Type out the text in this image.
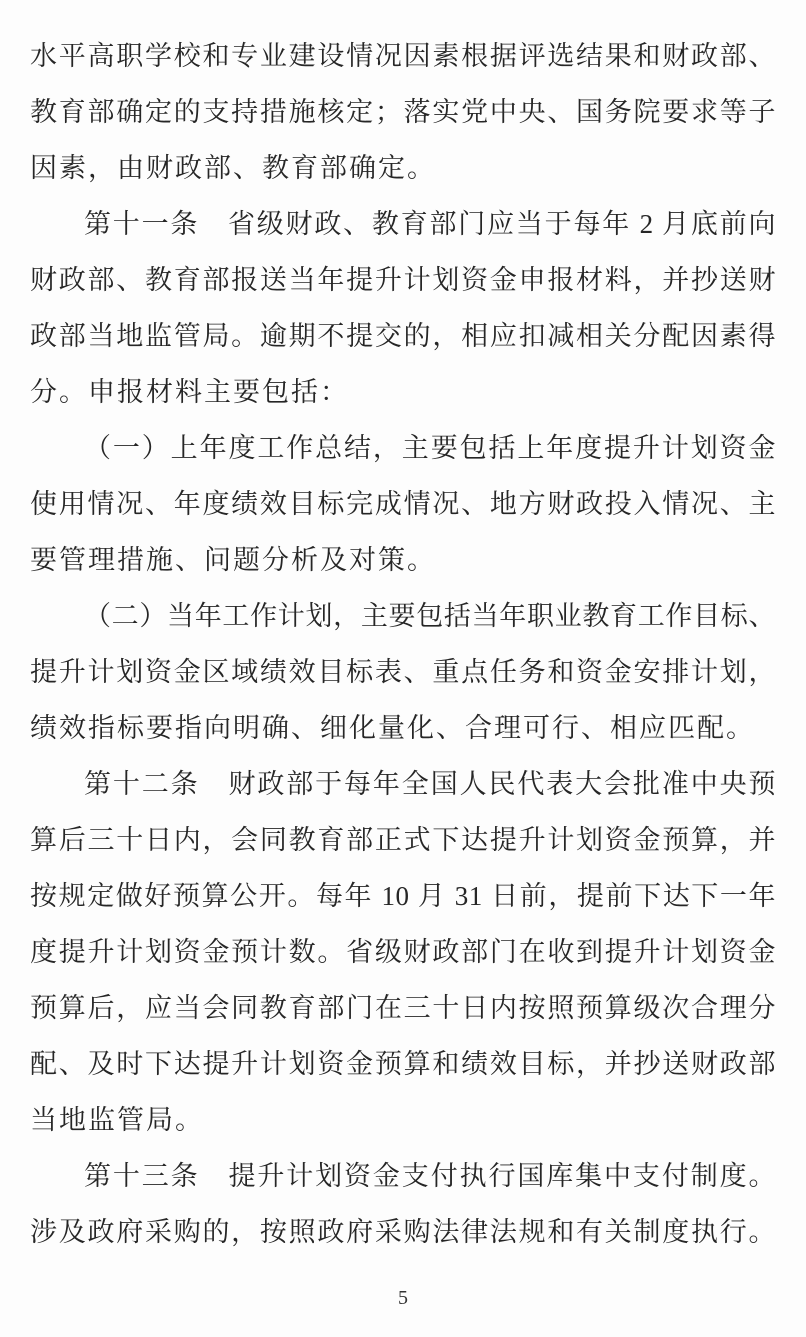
水平高职学校和专业建设情况因素根据评选结果和财政部、
教育部确定的支持措施核定；落实党中央、国务院要求等子
因素，由财政部、教育部确定。
第十一条　省级财政、教育部门应当于每年 2 月底前向
财政部、教育部报送当年提升计划资金申报材料，并抄送财
政部当地监管局。逾期不提交的，相应扣减相关分配因素得
分。申报材料主要包括：
（一）上年度工作总结，主要包括上年度提升计划资金
使用情况、年度绩效目标完成情况、地方财政投入情况、主
要管理措施、问题分析及对策。
（二）当年工作计划，主要包括当年职业教育工作目标、
提升计划资金区域绩效目标表、重点任务和资金安排计划，
绩效指标要指向明确、细化量化、合理可行、相应匹配。
第十二条　财政部于每年全国人民代表大会批准中央预
算后三十日内，会同教育部正式下达提升计划资金预算，并
按规定做好预算公开。每年 10 月 31 日前，提前下达下一年
度提升计划资金预计数。省级财政部门在收到提升计划资金
预算后，应当会同教育部门在三十日内按照预算级次合理分
配、及时下达提升计划资金预算和绩效目标，并抄送财政部
当地监管局。
第十三条　提升计划资金支付执行国库集中支付制度。
涉及政府采购的，按照政府采购法律法规和有关制度执行。
5
